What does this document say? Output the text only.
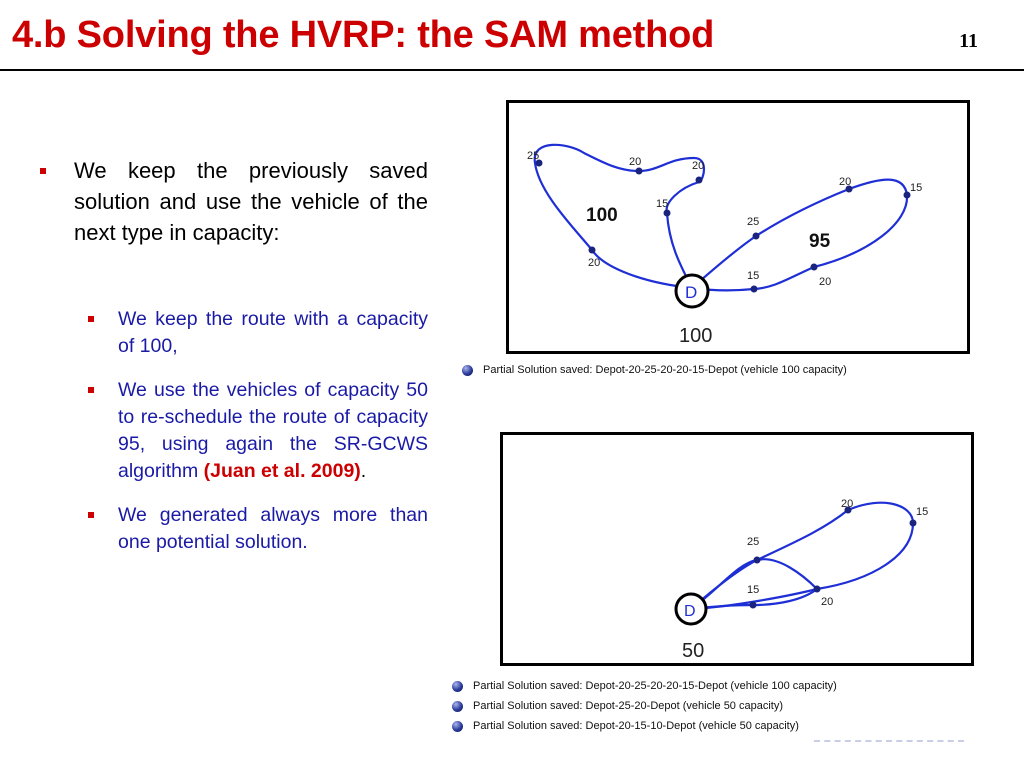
4.b Solving the HVRP: the SAM method	11
We keep the previously saved solution and use the vehicle of the next type in capacity:
We keep the route with a capacity of 100,
We use the vehicles of capacity 50 to re-schedule the route of capacity 95, using again the SR-GCWS algorithm (Juan et al. 2009).
We generated always more than one potential solution.
25	20	20
15
20
25
15	20
20	15
100
95
D
100
Partial Solution saved: Depot-20-25-20-20-15-Depot (vehicle 100 capacity)
20
15
25
15
20
D
50
Partial Solution saved: Depot-20-25-20-20-15-Depot (vehicle 100 capacity)
Partial Solution saved: Depot-25-20-Depot (vehicle 50 capacity)
Partial Solution saved: Depot-20-15-10-Depot (vehicle 50 capacity)
